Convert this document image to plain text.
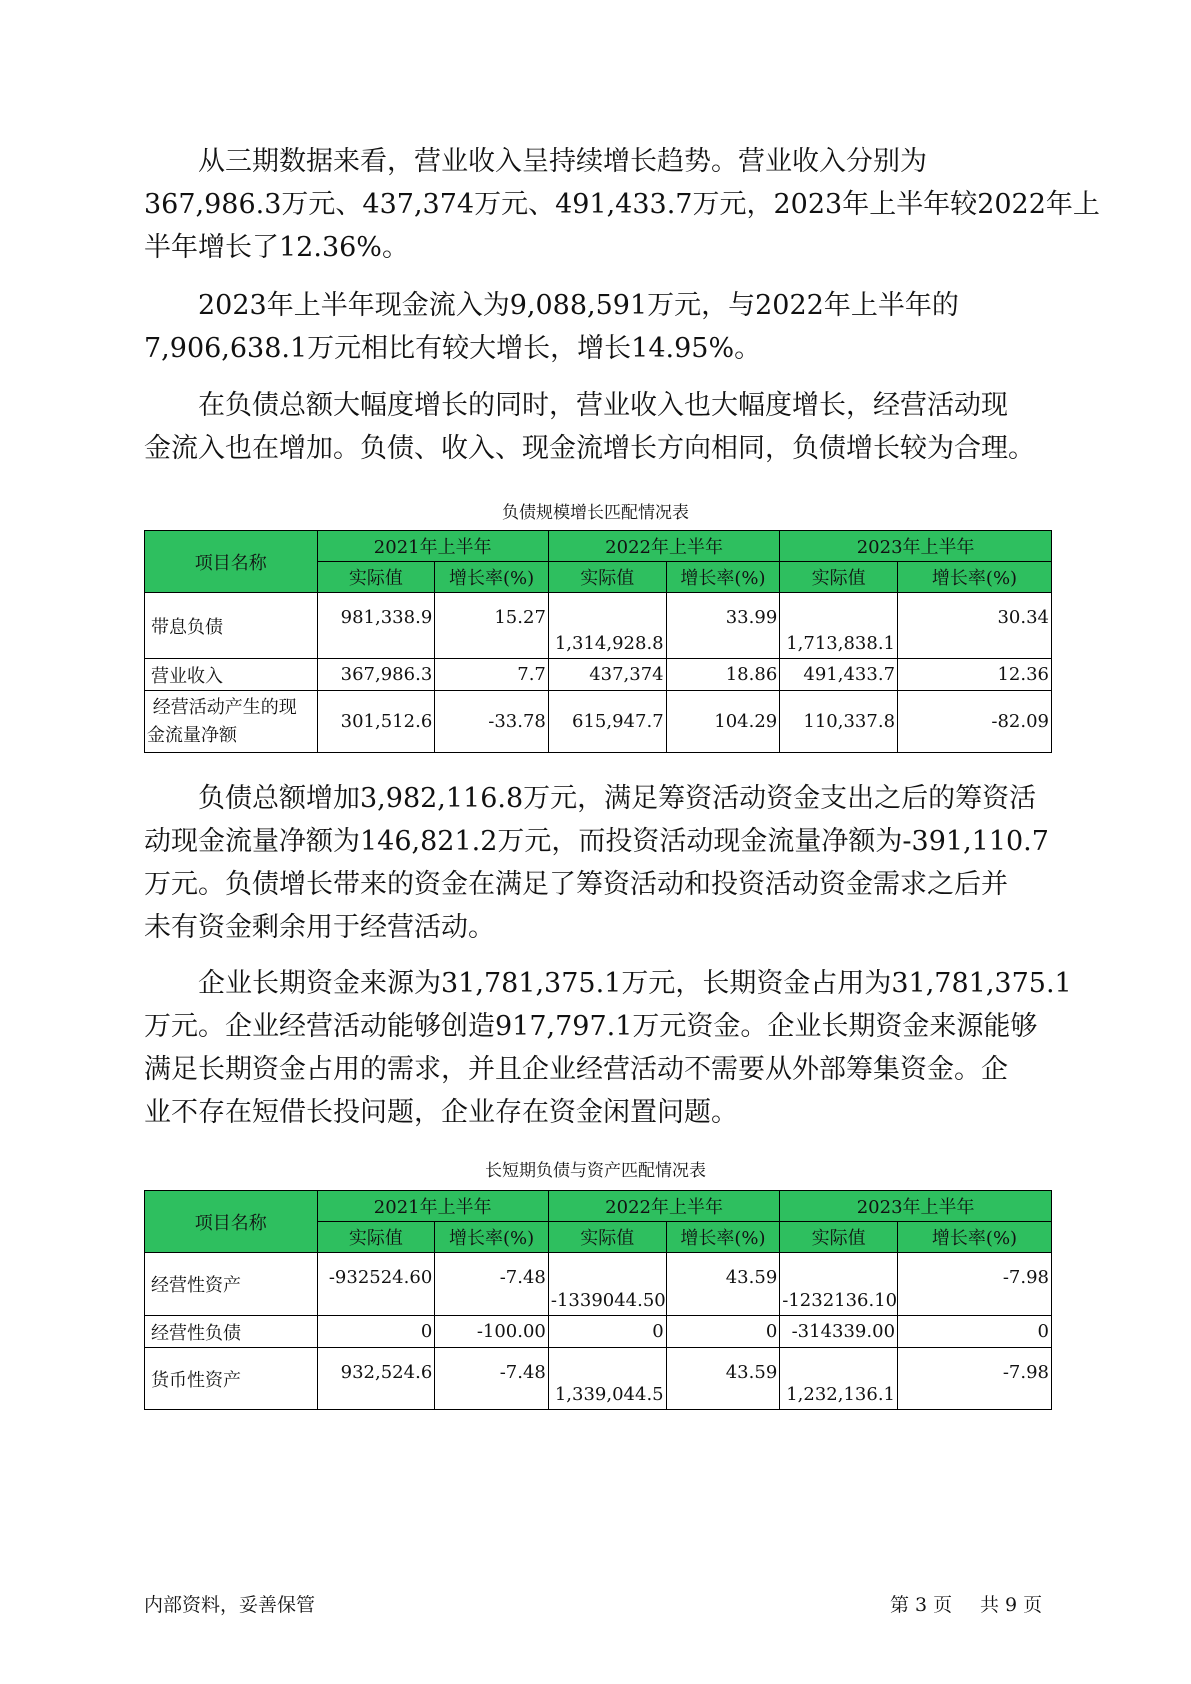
　　从三期数据来看，营业收入呈持续增长趋势。营业收入分别为
367,986.3万元、437,374万元、491,433.7万元，2023年上半年较2022年上
半年增长了12.36%。

　　2023年上半年现金流入为9,088,591万元，与2022年上半年的
7,906,638.1万元相比有较大增长，增长14.95%。

　　在负债总额大幅度增长的同时，营业收入也大幅度增长，经营活动现
金流入也在增加。负债、收入、现金流增长方向相同，负债增长较为合理。

负债规模增长匹配情况表
项目名称	2021年上半年		2022年上半年		2023年上半年	
	实际值	增长率(%)	实际值	增长率(%)	实际值	增长率(%)
带息负债	981,338.9	15.27	1,314,928.8	33.99	1,713,838.1	30.34
营业收入	367,986.3	7.7	437,374	18.86	491,433.7	12.36

经营活动产生的现
金流量净额	301,512.6	-33.78	615,947.7	104.29	110,337.8	-82.09

　　负债总额增加3,982,116.8万元，满足筹资活动资金支出之后的筹资活
动现金流量净额为146,821.2万元，而投资活动现金流量净额为-391,110.7
万元。负债增长带来的资金在满足了筹资活动和投资活动资金需求之后并
未有资金剩余用于经营活动。

　　企业长期资金来源为31,781,375.1万元，长期资金占用为31,781,375.1
万元。企业经营活动能够创造917,797.1万元资金。企业长期资金来源能够
满足长期资金占用的需求，并且企业经营活动不需要从外部筹集资金。企
业不存在短借长投问题，企业存在资金闲置问题。

长短期负债与资产匹配情况表
项目名称	2021年上半年		2022年上半年		2023年上半年	
	实际值	增长率(%)	实际值	增长率(%)	实际值	增长率(%)
经营性资产	-932524.60	-7.48	-1339044.50	43.59	-1232136.10	-7.98
经营性负债	0	-100.00	0	0	-314339.00	0
货币性资产	932,524.6	-7.48	1,339,044.5	43.59	1,232,136.1	-7.98
内部资料，妥善保管	第 3 页 共 9 页
